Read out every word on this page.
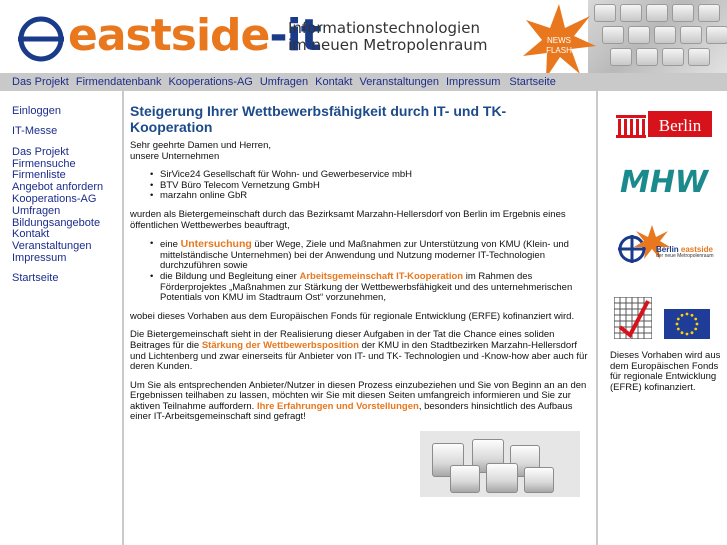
eastside-it
Informationstechnologien
im neuen Metropolenraum	NEWS
FLASH
Das Projekt Firmendatenbank Kooperations-AG Umfragen Kontakt Veranstaltungen Impressum Startseite
Einloggen
IT-Messe
Das Projekt
Firmensuche
Firmenliste
Angebot anfordern
Kooperations-AG
Umfragen
Bildungsangebote
Kontakt
Veranstaltungen
Impressum
Startseite
Steigerung Ihrer Wettbewerbsfähigkeit durch IT- und TK- Kooperation
Sehr geehrte Damen und Herren,
unsere Unternehmen
• SirVice24 Gesellschaft für Wohn- und Gewerbeservice mbH
• BTV Büro Telecom Vernetzung GmbH
• marzahn online GbR
wurden als Bietergemeinschaft durch das Bezirksamt Marzahn-Hellersdorf von Berlin im Ergebnis eines öffentlichen Wettbewerbes beauftragt,
• eine Untersuchung über Wege, Ziele und Maßnahmen zur Unterstützung von KMU (Klein- und mittelständische Unternehmen) bei der Anwendung und Nutzung moderner IT-Technologien durchzuführen sowie
• die Bildung und Begleitung einer Arbeitsgemeinschaft IT-Kooperation im Rahmen des Förderprojektes „Maßnahmen zur Stärkung der Wettbewerbsfähigkeit und des unternehmerischen Potentials von KMU im Stadtraum Ost“ vorzunehmen,
wobei dieses Vorhaben aus dem Europäischen Fonds für regionale Entwicklung (ERFE) kofinanziert wird.
Die Bietergemeinschaft sieht in der Realisierung dieser Aufgaben in der Tat die Chance eines soliden Beitrages für die Stärkung der Wettbewerbsposition der KMU in den Stadtbezirken Marzahn-Hellersdorf und Lichtenberg und zwar einerseits für Anbieter von IT- und TK- Technologien und -Know-how aber auch für deren Kunden.
Um Sie als entsprechenden Anbieter/Nutzer in diesen Prozess einzubeziehen und Sie von Beginn an an den Ergebnissen teilhaben zu lassen, möchten wir Sie mit diesen Seiten umfangreich informieren und Sie zur aktiven Teilnahme auffordern. Ihre Erfahrungen und Vorstellungen, besonders hinsichtlich des Aufbaus einer IT-Arbeitsgemeinschaft sind gefragt!
Berlin
MHW
Berlin eastside
der neue Metropolenraum
Dieses Vorhaben wird aus dem Europäischen Fonds für regionale Entwicklung (EFRE) kofinanziert.
